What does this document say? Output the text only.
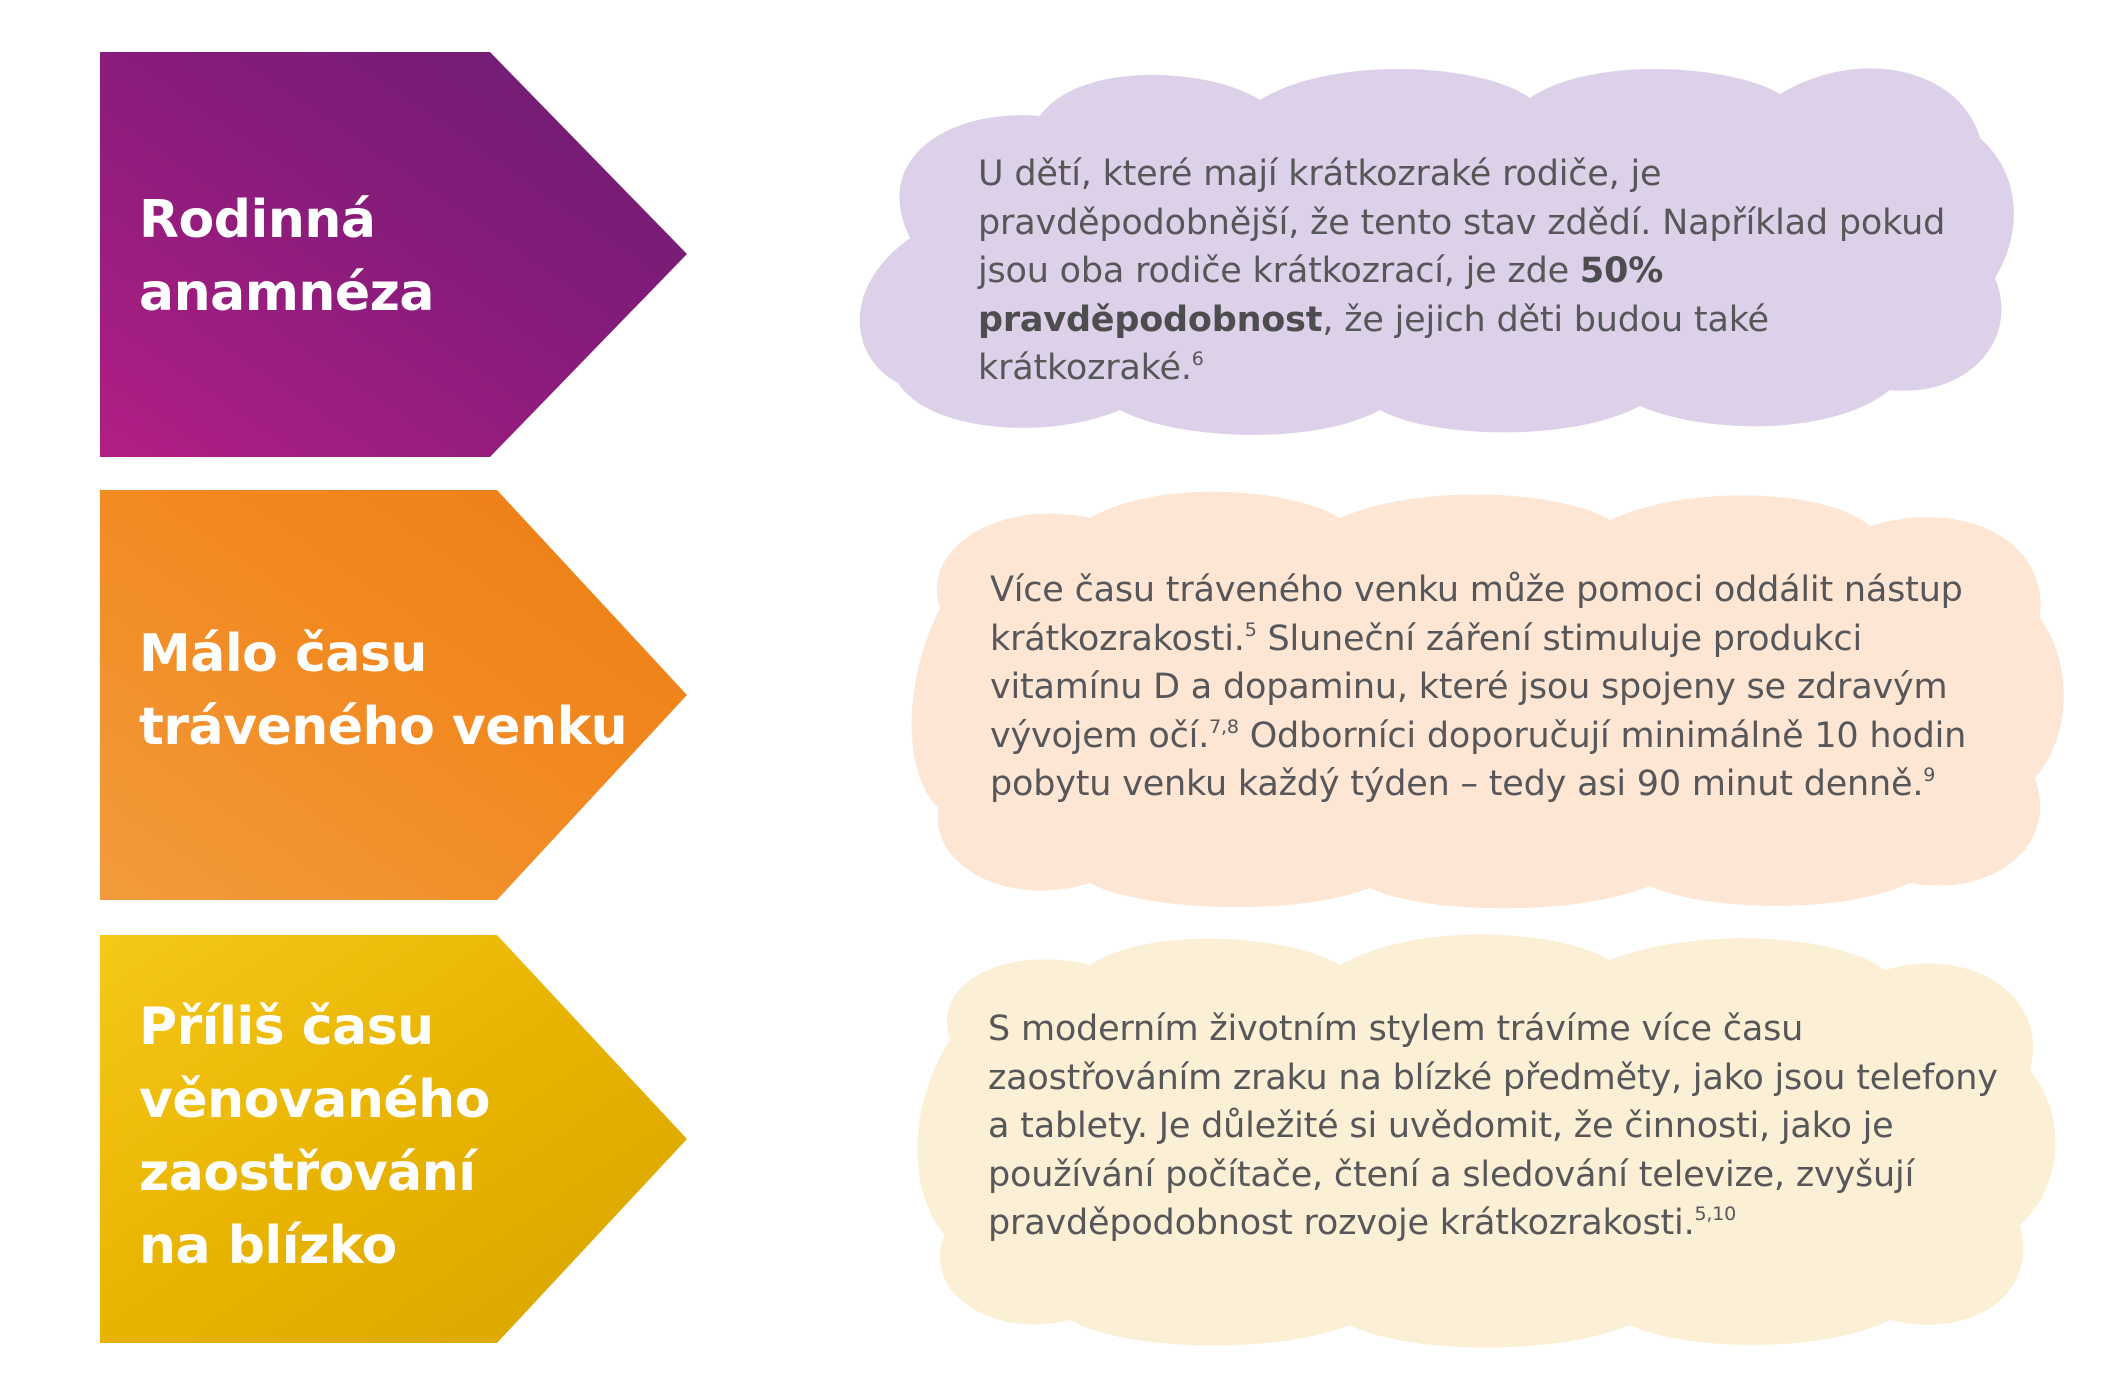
Rodinná
anamnéza

U dětí, které mají krátkozraké rodiče, je pravděpodobnější, že tento stav zdědí. Například pokud jsou oba rodiče krátkozrací, je zde 50% pravděpodobnost, že jejich děti budou také krátkozraké.$^6$

Málo času
tráveného venku

Více času tráveného venku může pomoci oddálit nástup krátkozrakosti.$^5$ Sluneční záření stimuluje produkci vitamínu D a dopaminu, které jsou spojeny se zdravým vývojem očí.$^{7,8}$ Odborníci doporučují minimálně 10 hodin pobytu venku každý týden – tedy asi 90 minut denně.$^9$

Příliš času
věnovaného
zaostřování
na blízko

S moderním životním stylem trávíme více času zaostřováním zraku na blízké předměty, jako jsou telefony a tablety. Je důležité si uvědomit, že činnosti, jako je používání počítače, čtení a sledování televize, zvyšují pravděpodobnost rozvoje krátkozrakosti.$^{5,10}$
